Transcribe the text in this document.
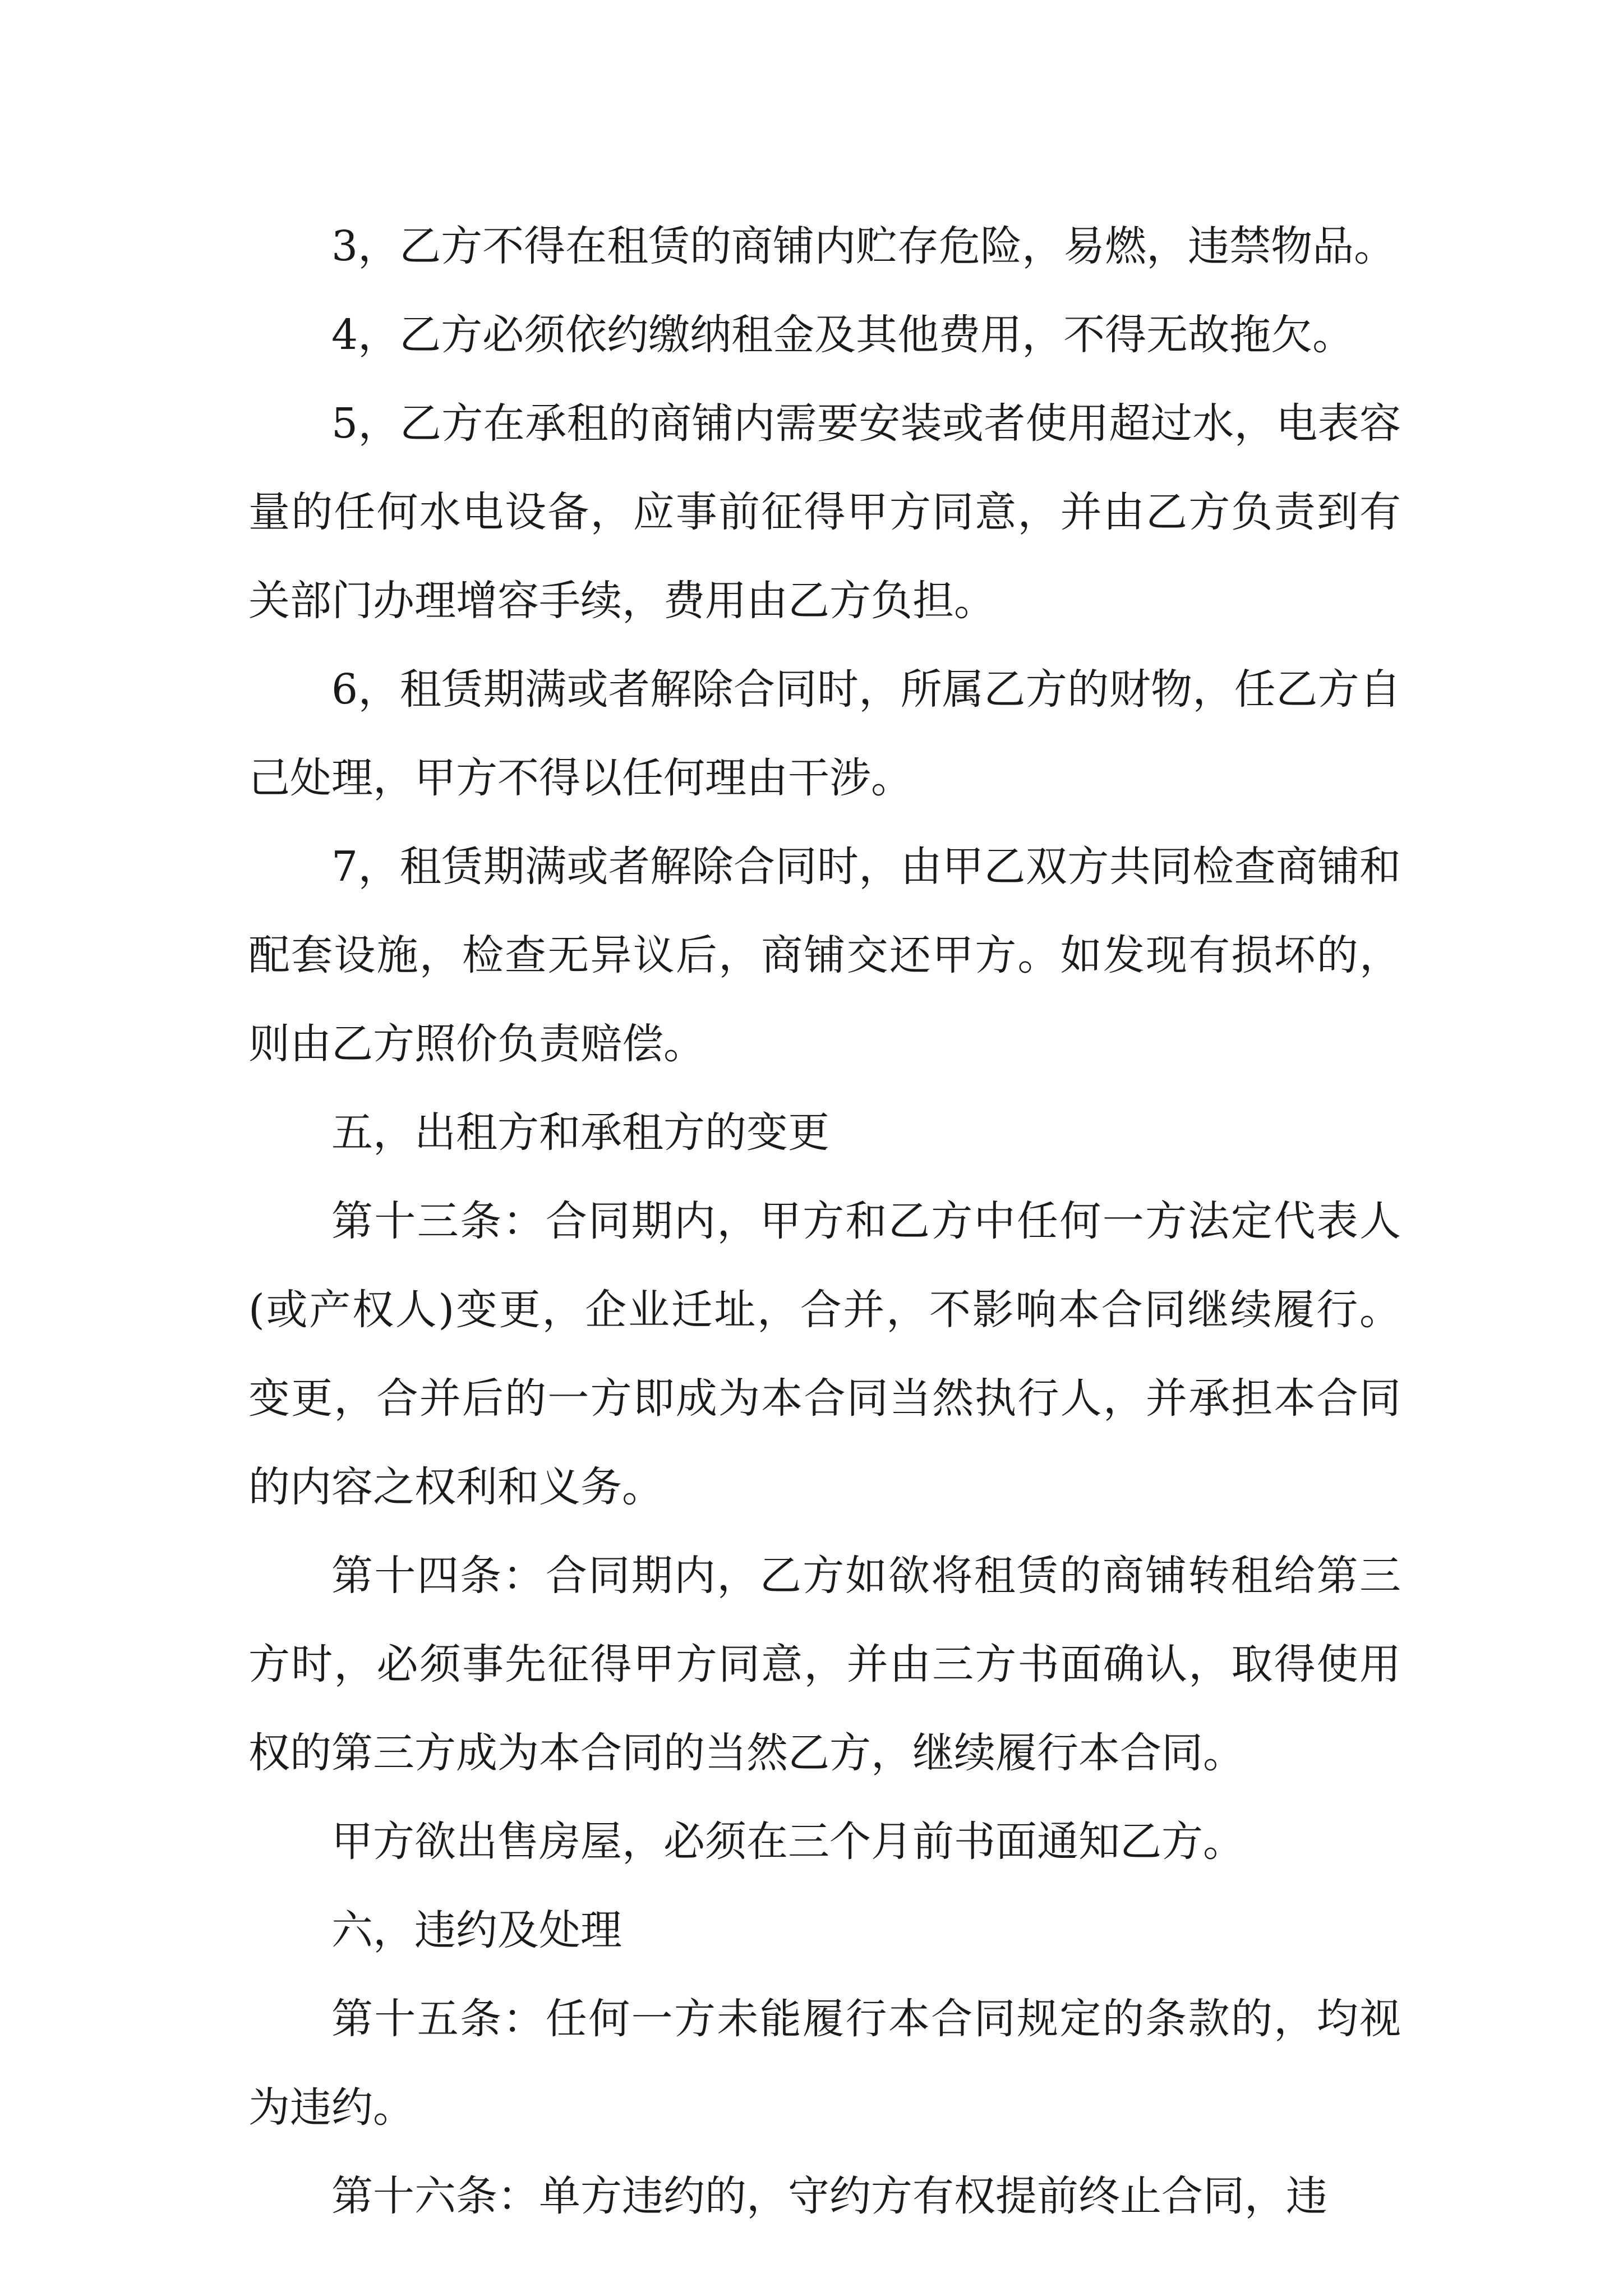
3，乙方不得在租赁的商铺内贮存危险，易燃，违禁物品。

4，乙方必须依约缴纳租金及其他费用，不得无故拖欠。

5，乙方在承租的商铺内需要安装或者使用超过水，电表容量的任何水电设备，应事前征得甲方同意，并由乙方负责到有关部门办理增容手续，费用由乙方负担。

6，租赁期满或者解除合同时，所属乙方的财物，任乙方自己处理，甲方不得以任何理由干涉。

7，租赁期满或者解除合同时，由甲乙双方共同检查商铺和配套设施，检查无异议后，商铺交还甲方。如发现有损坏的，则由乙方照价负责赔偿。

五，出租方和承租方的变更

第十三条：合同期内，甲方和乙方中任何一方法定代表人(或产权人)变更，企业迁址，合并，不影响本合同继续履行。变更，合并后的一方即成为本合同当然执行人，并承担本合同的内容之权利和义务。

第十四条：合同期内，乙方如欲将租赁的商铺转租给第三方时，必须事先征得甲方同意，并由三方书面确认，取得使用权的第三方成为本合同的当然乙方，继续履行本合同。

甲方欲出售房屋，必须在三个月前书面通知乙方。

六，违约及处理

第十五条：任何一方未能履行本合同规定的条款的，均视为违约。

第十六条：单方违约的，守约方有权提前终止合同，违
